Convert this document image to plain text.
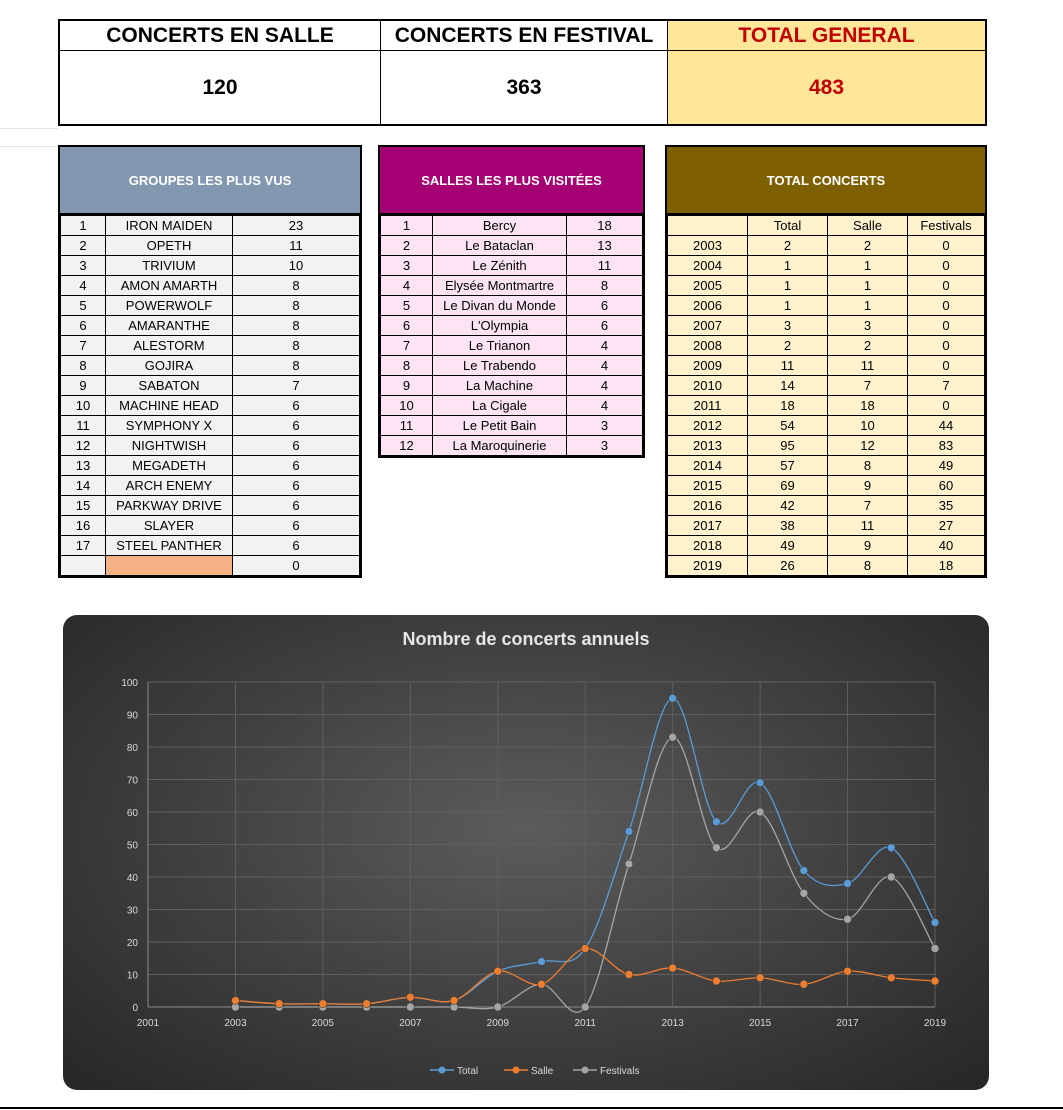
CONCERTS EN SALLE	CONCERTS EN FESTIVAL	TOTAL GENERAL
120	363	483
GROUPES LES PLUS VUS
1	IRON MAIDEN	23
2	OPETH	11
3	TRIVIUM	10
4	AMON AMARTH	8
5	POWERWOLF	8
6	AMARANTHE	8
7	ALESTORM	8
8	GOJIRA	8
9	SABATON	7
10	MACHINE HEAD	6
11	SYMPHONY X	6
12	NIGHTWISH	6
13	MEGADETH	6
14	ARCH ENEMY	6
15	PARKWAY DRIVE	6
16	SLAYER	6
17	STEEL PANTHER	6
		0
SALLES LES PLUS VISITÉES
1	Bercy	18
2	Le Bataclan	13
3	Le Zénith	11
4	Elysée Montmartre	8
5	Le Divan du Monde	6
6	L'Olympia	6
7	Le Trianon	4
8	Le Trabendo	4
9	La Machine	4
10	La Cigale	4
11	Le Petit Bain	3
12	La Maroquinerie	3
TOTAL CONCERTS
	Total	Salle	Festivals
2003	2	2	0
2004	1	1	0
2005	1	1	0
2006	1	1	0
2007	3	3	0
2008	2	2	0
2009	11	11	0
2010	14	7	7
2011	18	18	0
2012	54	10	44
2013	95	12	83
2014	57	8	49
2015	69	9	60
2016	42	7	35
2017	38	11	27
2018	49	9	40
2019	26	8	18
Nombre de concerts annuels
0
10
20
30
40
50
60
70
80
90
100
2001	2003	2005	2007	2009	2011	2013	2015	2017	2019
Total	Salle	Festivals
